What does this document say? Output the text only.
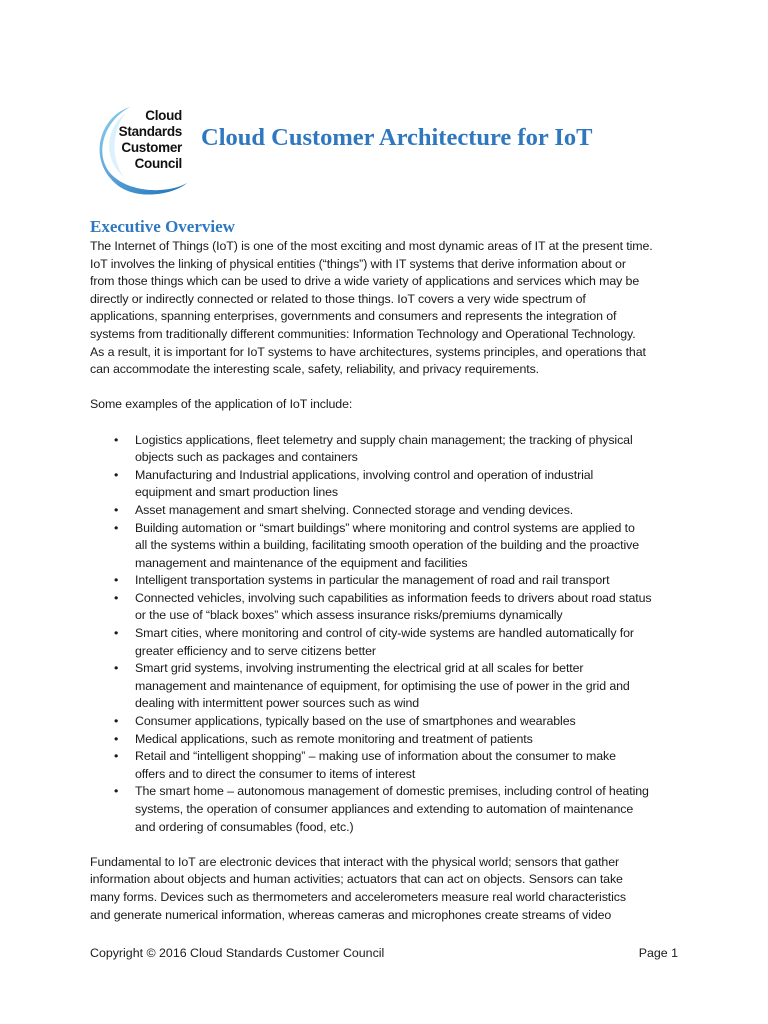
Cloud
Standards
Customer
Council
Cloud Customer Architecture for IoT
Executive Overview

The Internet of Things (IoT) is one of the most exciting and most dynamic areas of IT at the present time.

IoT involves the linking of physical entities (“things”) with IT systems that derive information about or

from those things which can be used to drive a wide variety of applications and services which may be

directly or indirectly connected or related to those things. IoT covers a very wide spectrum of

applications, spanning enterprises, governments and consumers and represents the integration of

systems from traditionally different communities: Information Technology and Operational Technology.

As a result, it is important for IoT systems to have architectures, systems principles, and operations that

can accommodate the interesting scale, safety, reliability, and privacy requirements.

Some examples of the application of IoT include:

• Logistics applications, fleet telemetry and supply chain management; the tracking of physical

objects such as packages and containers

• Manufacturing and Industrial applications, involving control and operation of industrial

equipment and smart production lines

• Asset management and smart shelving. Connected storage and vending devices.

• Building automation or “smart buildings” where monitoring and control systems are applied to

all the systems within a building, facilitating smooth operation of the building and the proactive

management and maintenance of the equipment and facilities

• Intelligent transportation systems in particular the management of road and rail transport

• Connected vehicles, involving such capabilities as information feeds to drivers about road status

or the use of “black boxes” which assess insurance risks/premiums dynamically

• Smart cities, where monitoring and control of city-wide systems are handled automatically for

greater efficiency and to serve citizens better

• Smart grid systems, involving instrumenting the electrical grid at all scales for better

management and maintenance of equipment, for optimising the use of power in the grid and

dealing with intermittent power sources such as wind

• Consumer applications, typically based on the use of smartphones and wearables

• Medical applications, such as remote monitoring and treatment of patients

• Retail and “intelligent shopping” – making use of information about the consumer to make

offers and to direct the consumer to items of interest

• The smart home – autonomous management of domestic premises, including control of heating

systems, the operation of consumer appliances and extending to automation of maintenance

and ordering of consumables (food, etc.)

Fundamental to IoT are electronic devices that interact with the physical world; sensors that gather

information about objects and human activities; actuators that can act on objects. Sensors can take

many forms. Devices such as thermometers and accelerometers measure real world characteristics

and generate numerical information, whereas cameras and microphones create streams of video

Copyright © 2016 Cloud Standards Customer Council	Page 1
